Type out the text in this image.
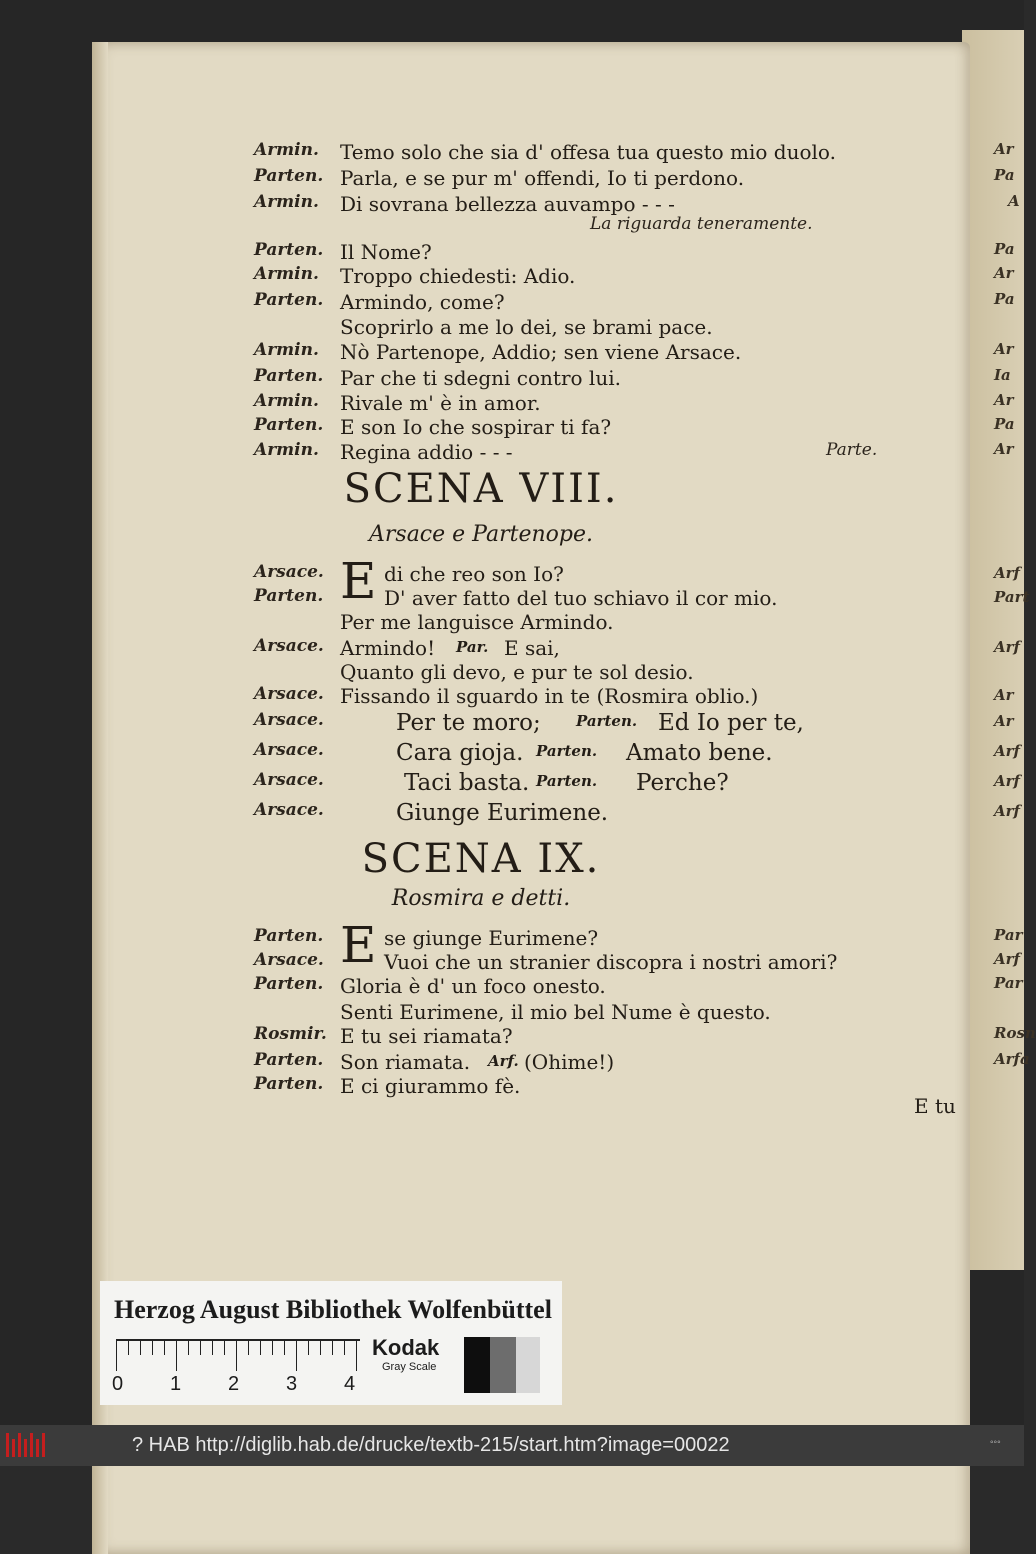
Armin. Temo solo che sia d' offesa tua questo mio duolo.
Parten. Parla, e se pur m' offendi, Io ti perdono.
Armin. Di sovrana bellezza auvampo - - -
La riguarda teneramente.
Parten. Il Nome?
Armin. Troppo chiedesti: Adio.
Parten. Armindo, come?
Scoprirlo a me lo dei, se brami pace.
Armin. Nò Partenope, Addio; sen viene Arsace.
Parten. Par che ti sdegni contro lui.
Armin. Rivale m' è in amor.
Parten. E son Io che sospirar ti fa?
Armin. Regina addio - - -	Parte.
SCENA VIII.
Arsace e Partenope.
Arsace. E di che reo son Io?
Parten.	D' aver fatto del tuo schiavo il cor mio.
Per me languisce Armindo.
Arsace. Armindo! Par. E sai,
Quanto gli devo, e pur te sol desio.
Arsace. Fissando il sguardo in te (Rosmira oblio.)
Arsace.	Per te moro; Parten. Ed Io per te,
Arsace.	Cara gioja. Parten. Amato bene.
Arsace.	Taci basta. Parten. Perche?
Arsace.	Giunge Eurimene.
SCENA IX.
Rosmira e detti.
Parten. E se giunge Eurimene?
Arsace.	Vuoi che un stranier discopra i nostri amori?
Parten. Gloria è d' un foco onesto.
Senti Eurimene, il mio bel Nume è questo.
Rosmir. E tu sei riamata?
Parten. Son riamata. Arf. (Ohime!)
Parten. E ci giurammo fè.
E tu
Ar
Pa
A
Pa
Ar
Pa
Ar
Ia
Ar
Pa
Ar
Arf
Part
Arf
Ar
Ar
Arf
Arf
Arf
Par
Arf
Par
Rosn
Arfa
Herzog August Bibliothek Wolfenbüttel
0 1 2 3 4
Kodak
Gray Scale
? HAB http://diglib.hab.de/drucke/textb-215/start.htm?image=00022	◦◦◦
